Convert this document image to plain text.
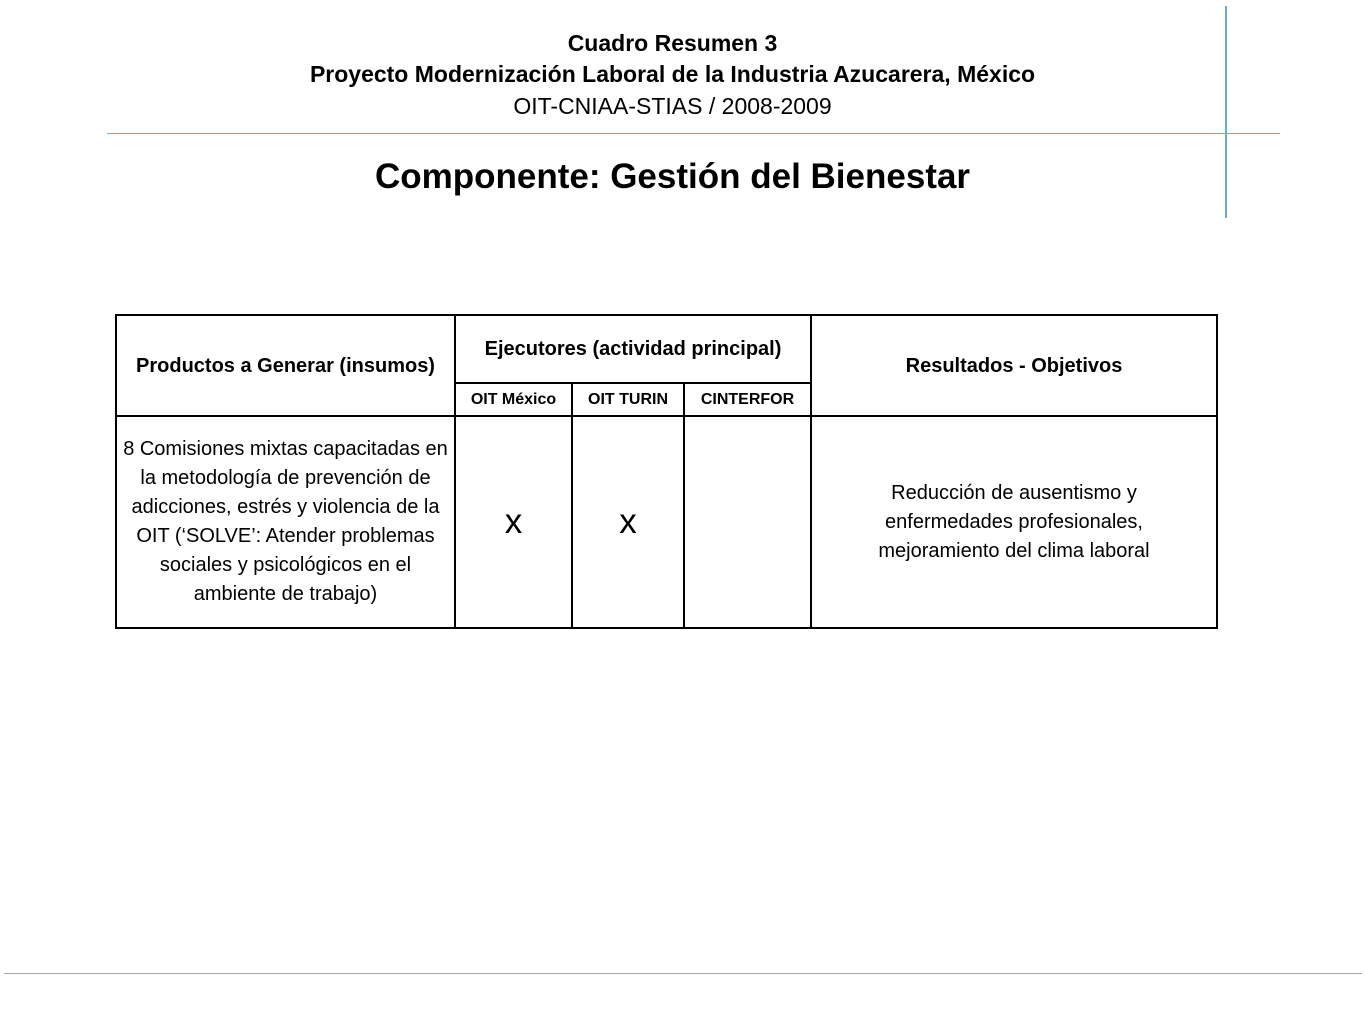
Cuadro Resumen 3
Proyecto Modernización Laboral de la Industria Azucarera, México
OIT-CNIAA-STIAS / 2008-2009
Componente: Gestión del Bienestar
Productos a Generar (insumos)	Ejecutores (actividad principal)			Resultados - Objetivos
	OIT México	OIT TURIN	CINTERFOR	
8 Comisiones mixtas capacitadas en la metodología de prevención de adicciones, estrés y violencia de la OIT (‘SOLVE’: Atender problemas sociales y psicológicos en el ambiente de trabajo)	x	x		Reducción de ausentismo y enfermedades profesionales, mejoramiento del clima laboral
